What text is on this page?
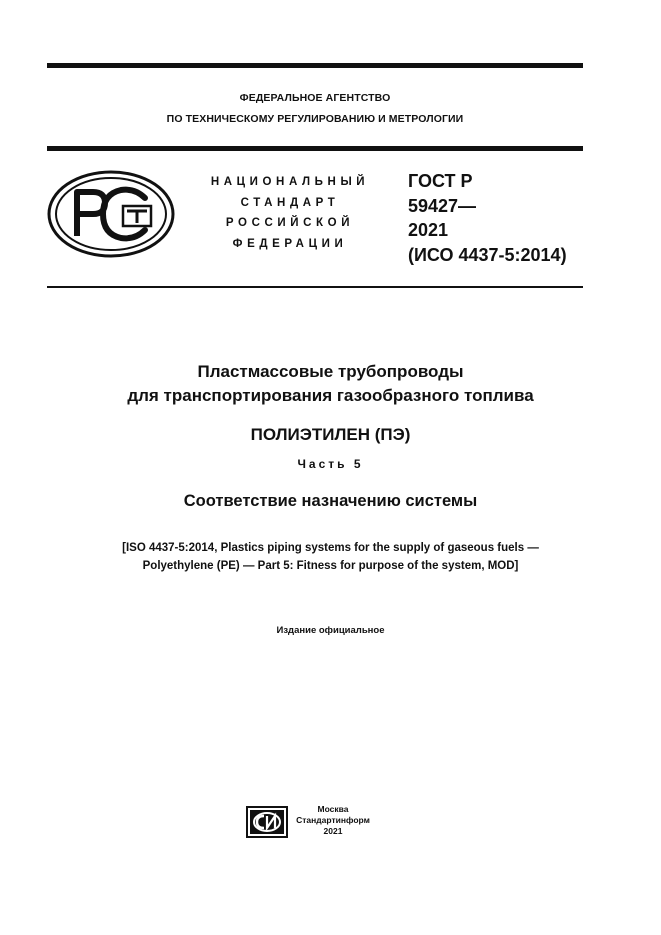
ФЕДЕРАЛЬНОЕ АГЕНТСТВО
ПО ТЕХНИЧЕСКОМУ РЕГУЛИРОВАНИЮ И МЕТРОЛОГИИ
НАЦИОНАЛЬНЫЙ
СТАНДАРТ
РОССИЙСКОЙ
ФЕДЕРАЦИИ
ГОСТ Р
59427—
2021
(ИСО 4437-5:2014)
Пластмассовые трубопроводы
для транспортирования газообразного топлива
ПОЛИЭТИЛЕН (ПЭ)
Часть 5
Соответствие назначению системы
[ISO 4437-5:2014, Plastics piping systems for the supply of gaseous fuels —
Polyethylene (PE) — Part 5: Fitness for purpose of the system, MOD]
Издание официальное
Москва
Стандартинформ
2021
